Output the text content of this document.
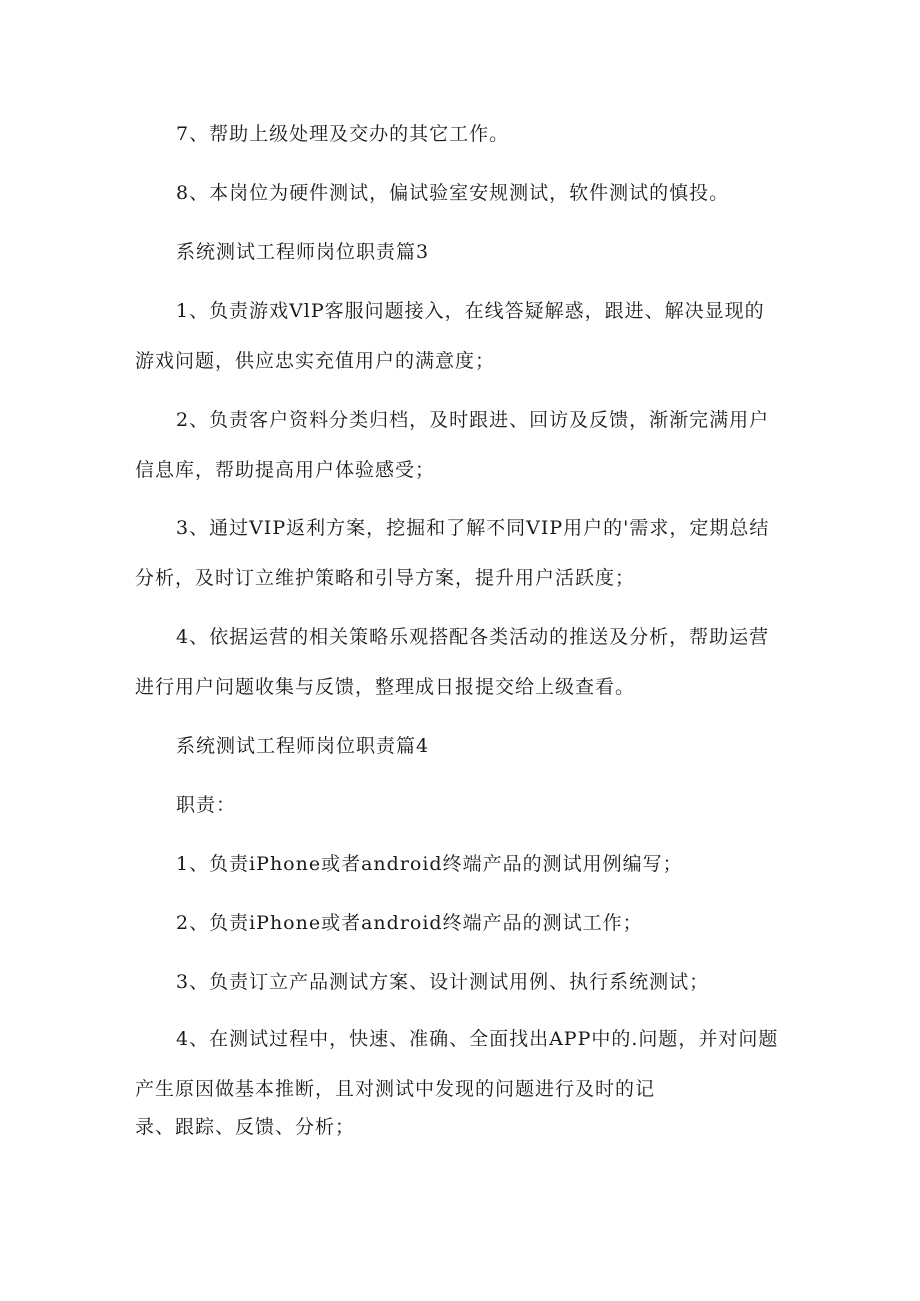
7、帮助上级处理及交办的其它工作。
8、本岗位为硬件测试，偏试验室安规测试，软件测试的慎投。
系统测试工程师岗位职责篇3
1、负责游戏VlP客服问题接入，在线答疑解惑，跟进、解决显现的
游戏问题，供应忠实充值用户的满意度；
2、负责客户资料分类归档，及时跟进、回访及反馈，渐渐完满用户
信息库，帮助提高用户体验感受；
3、通过VIP返利方案，挖掘和了解不同VIP用户的'需求，定期总结
分析，及时订立维护策略和引导方案，提升用户活跃度；
4、依据运营的相关策略乐观搭配各类活动的推送及分析，帮助运营
进行用户问题收集与反馈，整理成日报提交给上级查看。
系统测试工程师岗位职责篇4
职责：
1、负责iPhone或者android终端产品的测试用例编写；
2、负责iPhone或者android终端产品的测试工作；
3、负责订立产品测试方案、设计测试用例、执行系统测试；
4、在测试过程中，快速、准确、全面找出APP中的.问题，并对问题
产生原因做基本推断，且对测试中发现的问题进行及时的记
录、跟踪、反馈、分析；
